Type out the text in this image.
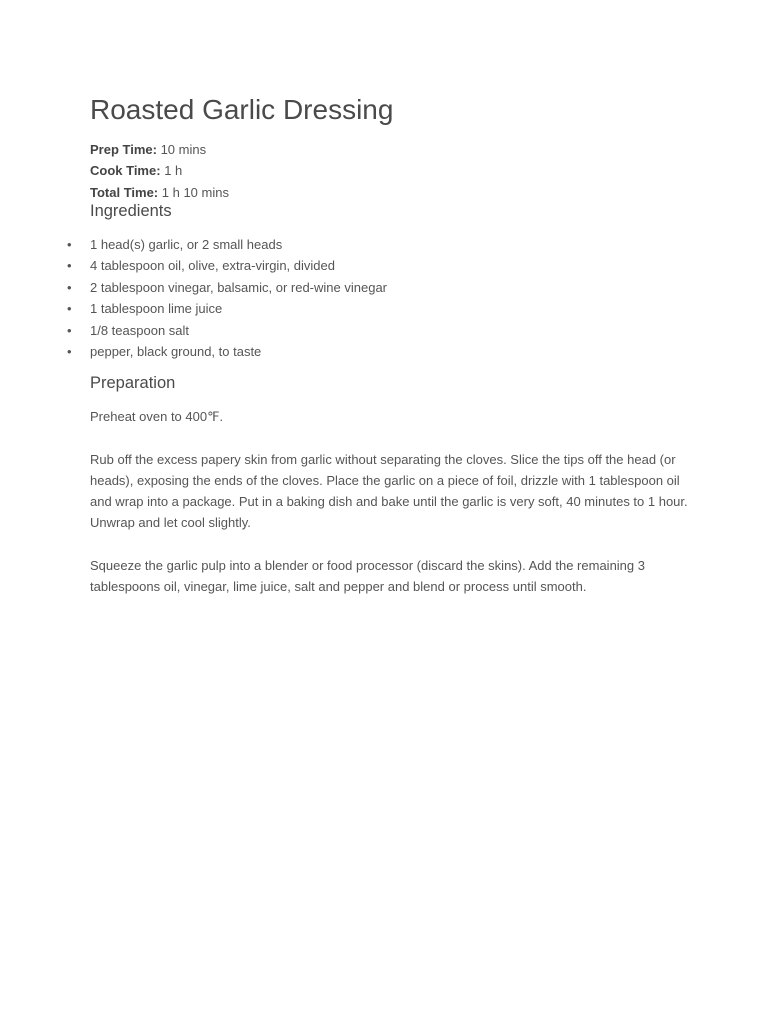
Roasted Garlic Dressing
Prep Time: 10 mins
Cook Time: 1 h
Total Time: 1 h 10 mins
Ingredients
• 1 head(s) garlic, or 2 small heads
• 4 tablespoon oil, olive, extra-virgin, divided
• 2 tablespoon vinegar, balsamic, or red-wine vinegar
• 1 tablespoon lime juice
• 1/8 teaspoon salt
• pepper, black ground, to taste
Preparation

Preheat oven to 400℉.

Rub off the excess papery skin from garlic without separating the cloves. Slice the tips off the head (or heads), exposing the ends of the cloves. Place the garlic on a piece of foil, drizzle with 1 tablespoon oil and wrap into a package. Put in a baking dish and bake until the garlic is very soft, 40 minutes to 1 hour. Unwrap and let cool slightly.

Squeeze the garlic pulp into a blender or food processor (discard the skins). Add the remaining 3 tablespoons oil, vinegar, lime juice, salt and pepper and blend or process until smooth.
